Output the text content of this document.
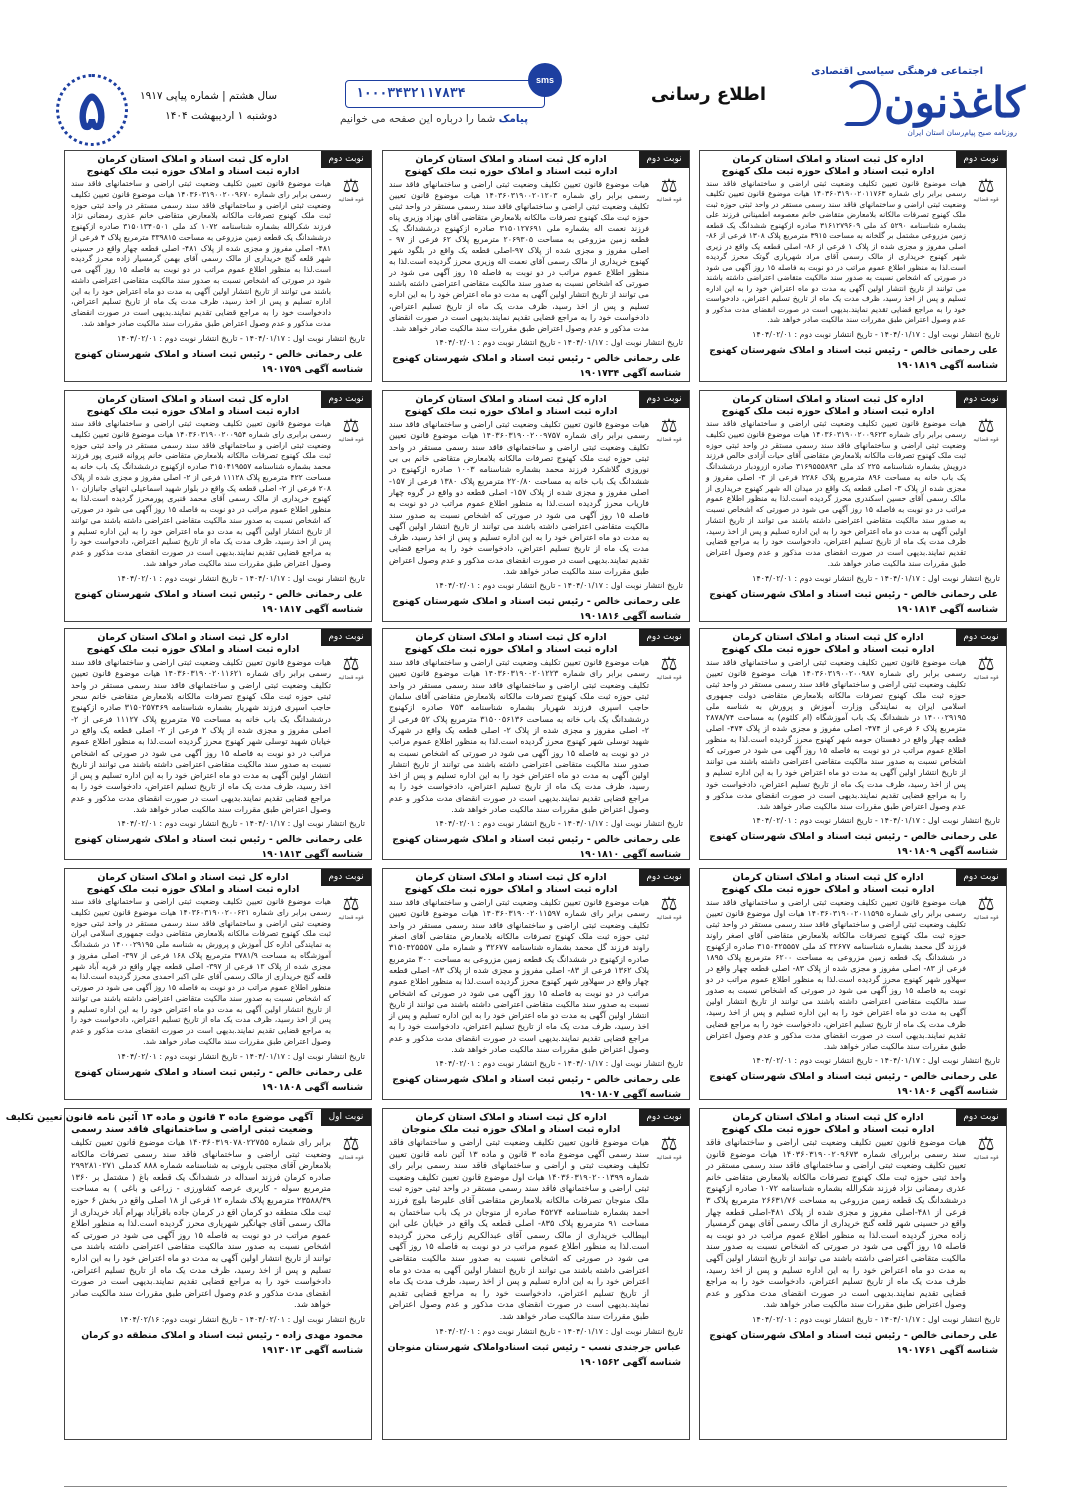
اجتماعی فرهنگی سیاسی اقتصادی
کاغذنون
روزنامه صبح پیام‌رسان استان ایران
اطلاع رسانی
۱۰۰۰۳۴۳۲۱۱۷۸۳۴
sms
پیامک شما را درباره این صفحه می خوانیم
سال هشتم | شماره پیاپی ۱۹۱۷
دوشنبه ۱ اردیبهشت ۱۴۰۴
۵
نوبت دوم
⚖
قوه قضائیه
اداره کل ثبت اسناد و املاک استان کرمان
اداره ثبت اسناد و املاک حوزه ثبت ملک کهنوج
هیات موضوع قانون تعیین تکلیف وضعیت ثبتی اراضی و ساختمانهای فاقد سند رسمی برابر رای شماره ۱۴۰۳۶۰۳۱۹۰۰۲۰۱۱۷۶۳ هیات موضوع قانون تعیین تکلیف وضعیت ثبتی اراضی و ساختمانهای فاقد سند رسمی مستقر در واحد ثبتی حوزه ثبت ملک کهنوج تصرفات مالکانه بلامعارض متقاضی خانم معصومه اطمینانی فرزند علی بشماره شناسنامه ۵۲۹۰ کد ملی ۳۱۶۱۲۷۹۶۰۹ صادره ازکهنوج ششدانگ یک قطعه زمین مزروعی مشتمل بر گلخانه به مساحت ۳۹۱۵ مترمربع پلاک ۱۳۰۸ فرعی از ۸۶- اصلی مفروز و مجزی شده از پلاک ۱ فرعی از ۸۶- اصلی قطعه یک واقع در زیری شهر کهنوج خریداری از مالک رسمی آقای مراد شهریاری گوتک محرز گردیده است.لذا به منظور اطلاع عموم مراتب در دو نوبت به فاصله ۱۵ روز آگهی می شود در صورتی که اشخاص نسبت به صدور سند مالکیت متقاضی اعتراضی داشته باشند می توانند از تاریخ انتشار اولین آگهی به مدت دو ماه اعتراض خود را به این اداره تسلیم و پس از اخذ رسید، ظرف مدت یک ماه از تاریخ تسلیم اعتراض، دادخواست خود را به مراجع قضایی تقدیم نمایند.بدیهی است در صورت انقضای مدت مذکور و عدم وصول اعتراض طبق مقررات سند مالکیت صادر خواهد شد.
تاریخ انتشار نوبت اول : ۱۴۰۴/۰۱/۱۷ - تاریخ انتشار نوبت دوم : ۱۴۰۴/۰۲/۰۱
علی رحمانی خالص - رئیس ثبت اسناد و املاک شهرستان کهنوج
شناسه آگهی ۱۹۰۱۸۱۹
نوبت دوم
⚖
قوه قضائیه
اداره کل ثبت اسناد و املاک استان کرمان
اداره ثبت اسناد و املاک حوزه ثبت ملک کهنوج
هیات موضوع قانون تعیین تکلیف وضعیت ثبتی اراضی و ساختمانهای فاقد سند رسمی برابر رای شماره ۱۴۰۳۶۰۳۱۹۰۰۲۰۱۲۰۳ هیات موضوع قانون تعیین تکلیف وضعیت ثبتی اراضی و ساختمانهای فاقد سند رسمی مستقر در واحد ثبتی حوزه ثبت ملک کهنوج تصرفات مالکانه بلامعارض متقاضی آقای بهزاد وزیری پناه فرزند نعمت اله بشماره ملی ۳۱۵۰۱۲۷۶۹۱ صادره ازکهنوج درششدانگ یک قطعه زمین مزروعی به مساحت ۲۰۶۹۳۰۵ مترمربع پلاک ۶۲ فرعی از ۹۷ - اصلی مفروز و مجزی شده از پلاک ۹۷-اصلی قطعه یک واقع در بلگود شهر کهنوج خریداری از مالک رسمی آقای نعمت اله وزیری محرز گردیده است.لذا به منظور اطلاع عموم مراتب در دو نوبت به فاصله ۱۵ روز آگهی می شود در صورتی که اشخاص نسبت به صدور سند مالکیت متقاضی اعتراضی داشته باشند می توانند از تاریخ انتشار اولین آگهی به مدت دو ماه اعتراض خود را به این اداره تسلیم و پس از اخذ رسید، ظرف مدت یک ماه از تاریخ تسلیم اعتراض، دادخواست خود را به مراجع قضایی تقدیم نمایند.بدیهی است در صورت انقضای مدت مذکور و عدم وصول اعتراض طبق مقررات سند مالکیت صادر خواهد شد.
تاریخ انتشار نوبت اول : ۱۴۰۴/۰۱/۱۷ - تاریخ انتشار نوبت دوم : ۱۴۰۴/۰۲/۰۱
علی رحمانی خالص - رئیس ثبت اسناد و املاک شهرستان کهنوج
شناسه آگهی ۱۹۰۱۷۳۴
نوبت دوم
⚖
قوه قضائیه
اداره کل ثبت اسناد و املاک استان کرمان
اداره ثبت اسناد و املاک حوزه ثبت ملک کهنوج
هیات موضوع قانون تعیین تکلیف وضعیت ثبتی اراضی و ساختمانهای فاقد سند رسمی برابر رای شماره ۱۴۰۳۶۰۳۱۹۰۰۲۰۰۹۶۷۰ هیات موضوع قانون تعیین تکلیف وضعیت ثبتی اراضی و ساختمانهای فاقد سند رسمی مستقر در واحد ثبتی حوزه ثبت ملک کهنوج تصرفات مالکانه بلامعارض متقاضی خانم عذری رمضانی نژاد فرزند شکرالله بشماره شناسنامه ۱۰۷۲ کد ملی ۳۱۵۰۱۳۴۰۵۰۱ صادره ازکهنوج درششدانگ یک قطعه زمین مزروعی به مساحت ۳۳۹۸۱۵ مترمربع پلاک ۴ فرعی از ۴۸۱- اصلی مفروز و مجزی شده از پلاک ۴۸۱- اصلی قطعه چهار واقع در حسینی شهر قلعه گنج خریداری از مالک رسمی آقای بهمن گرمسیار زاده محرز گردیده است.لذا به منظور اطلاع عموم مراتب در دو نوبت به فاصله ۱۵ روز آگهی می شود در صورتی که اشخاص نسبت به صدور سند مالکیت متقاضی اعتراضی داشته باشند می توانند از تاریخ انتشار اولین آگهی به مدت دو ماه اعتراض خود را به این اداره تسلیم و پس از اخذ رسید، ظرف مدت یک ماه از تاریخ تسلیم اعتراض، دادخواست خود را به مراجع قضایی تقدیم نمایند.بدیهی است در صورت انقضای مدت مذکور و عدم وصول اعتراض طبق مقررات سند مالکیت صادر خواهد شد.
تاریخ انتشار نوبت اول : ۱۴۰۴/۰۱/۱۷ - تاریخ انتشار نوبت دوم : ۱۴۰۴/۰۲/۰۱
علی رحمانی خالص - رئیس ثبت اسناد و املاک شهرستان کهنوج
شناسه آگهی ۱۹۰۱۷۵۹
نوبت دوم
⚖
قوه قضائیه
اداره کل ثبت اسناد و املاک استان کرمان
اداره ثبت اسناد و املاک حوزه ثبت ملک کهنوج
هیات موضوع قانون تعیین تکلیف وضعیت ثبتی اراضی و ساختمانهای فاقد سند رسمی برابر رای شماره ۱۴۰۳۶۰۳۱۹۰۰۲۰۰۹۶۲۳ هیات موضوع قانون تعیین تکلیف وضعیت ثبتی اراضی و ساختمانهای فاقد سند رسمی مستقر در واحد ثبتی حوزه ثبت ملک کهنوج تصرفات مالکانه بلامعارض متقاضی آقای حیات آزادی خالص فرزند درویش بشماره شناسنامه ۲۲۵ کد ملی ۳۱۶۹۵۵۵۸۹۳ صادره ازرودبار درششدانگ یک باب خانه به مساحت ۸۹۶ مترمربع پلاک ۲۲۸۶ فرعی از ۳- اصلی مفروز و مجزی شده از پلاک ۳- اصلی قطعه یک واقع در میدان اله شهر کهنوج خریداری از مالک رسمی آقای حسین اسکندری محرز گردیده است.لذا به منظور اطلاع عموم مراتب در دو نوبت به فاصله ۱۵ روز آگهی می شود در صورتی که اشخاص نسبت به صدور سند مالکیت متقاضی اعتراضی داشته باشند می توانند از تاریخ انتشار اولین آگهی به مدت دو ماه اعتراض خود را به این اداره تسلیم و پس از اخذ رسید، ظرف مدت یک ماه از تاریخ تسلیم اعتراض، دادخواست خود را به مراجع قضایی تقدیم نمایند.بدیهی است در صورت انقضای مدت مذکور و عدم وصول اعتراض طبق مقررات سند مالکیت صادر خواهد شد.
تاریخ انتشار نوبت اول : ۱۴۰۴/۰۱/۱۷ - تاریخ انتشار نوبت دوم : ۱۴۰۴/۰۲/۰۱
علی رحمانی خالص - رئیس ثبت اسناد و املاک شهرستان کهنوج
شناسه آگهی ۱۹۰۱۸۱۴
نوبت دوم
⚖
قوه قضائیه
اداره کل ثبت اسناد و املاک استان کرمان
اداره ثبت اسناد و املاک حوزه ثبت ملک کهنوج
هیات موضوع قانون تعیین تکلیف وضعیت ثبتی اراضی و ساختمانهای فاقد سند رسمی برابر رای شماره ۱۴۰۳۶۰۳۱۹۰۰۲۰۰۹۷۵۷ هیات موضوع قانون تعیین تکلیف وضعیت ثبتی اراضی و ساختمانهای فاقد سند رسمی مستقر در واحد ثبتی حوزه ثبت ملک کهنوج تصرفات مالکانه بلامعارض متقاضی خانم بی بی نوروزی گلاشکرد فرزند محمد بشماره شناسنامه ۱۰۰۳ صادره ازکهنوج در ششدانگ یک باب خانه به مساحت ۲۲۰/۸۰ مترمربع پلاک ۱۳۸۰ فرعی از ۱۵۷- اصلی مفروز و مجزی شده از پلاک ۱۵۷- اصلی قطعه دو واقع در گروه چهار فاریاب محرز گردیده است.لذا به منظور اطلاع عموم مراتب در دو نوبت به فاصله ۱۵ روز آگهی می شود در صورتی که اشخاص نسبت به صدور سند مالکیت متقاضی اعتراضی داشته باشند می توانند از تاریخ انتشار اولین آگهی به مدت دو ماه اعتراض خود را به این اداره تسلیم و پس از اخذ رسید، ظرف مدت یک ماه از تاریخ تسلیم اعتراض، دادخواست خود را به مراجع قضایی تقدیم نمایند.بدیهی است در صورت انقضای مدت مذکور و عدم وصول اعتراض طبق مقررات سند مالکیت صادر خواهد شد.
تاریخ انتشار نوبت اول : ۱۴۰۴/۰۱/۱۷ - تاریخ انتشار نوبت دوم : ۱۴۰۴/۰۲/۰۱
علی رحمانی خالص - رئیس ثبت اسناد و املاک شهرستان کهنوج
شناسه آگهی ۱۹۰۱۸۱۶
نوبت دوم
⚖
قوه قضائیه
اداره کل ثبت اسناد و املاک استان کرمان
اداره ثبت اسناد و املاک حوزه ثبت ملک کهنوج
هیات موضوع قانون تعیین تکلیف وضعیت ثبتی اراضی و ساختمانهای فاقد سند رسمی برابری رای شماره ۱۴۰۳۶۰۳۱۹۰۰۲۰۰۹۵۴ هیات موضوع قانون تعیین تکلیف وضعیت ثبتی اراضی و ساختمانهای فاقد سند رسمی مستقر در واحد ثبتی حوزه ثبت ملک کهنوج تصرفات مالکانه بلامعارض متقاضی خانم پروانه قنبری پور فرزند محمد بشماره شناسنامه ۳۱۵۰۴۱۹۵۵۷ صادره ازکهنوج درششدانگ یک باب خانه به مساحت ۴۲۲ مترمربع پلاک ۱۱۱۲۸ فرعی از ۲- اصلی مفروز و مجزی شده از پلاک ۲۰۸ فرعی از ۲- اصلی قطعه یک واقع در بلوار شهید اسماعیلی انتهای جانبازان ۱۰ کهنوج خریداری از مالک رسمی آقای محمد قنبری پورمحرز گردیده است.لذا به منظور اطلاع عموم مراتب در دو نوبت به فاصله ۱۵ روز آگهی می شود در صورتی که اشخاص نسبت به صدور سند مالکیت متقاضی اعتراضی داشته باشند می توانند از تاریخ انتشار اولین آگهی به مدت دو ماه اعتراض خود را به این اداره تسلیم و پس از اخذ رسید، ظرف مدت یک ماه از تاریخ تسلیم اعتراض، دادخواست خود را به مراجع قضایی تقدیم نمایند.بدیهی است در صورت انقضای مدت مذکور و عدم وصول اعتراض طبق مقررات سند مالکیت صادر خواهد شد.
تاریخ انتشار نوبت اول : ۱۴۰۴/۰۱/۱۷ - تاریخ انتشار نوبت دوم : ۱۴۰۴/۰۲/۰۱
علی رحمانی خالص - رئیس ثبت اسناد و املاک شهرستان کهنوج
شناسه آگهی ۱۹۰۱۸۱۷
نوبت دوم
⚖
قوه قضائیه
اداره کل ثبت اسناد و املاک استان کرمان
اداره ثبت اسناد و املاک حوزه ثبت ملک کهنوج
هیات موضوع قانون تعیین تکلیف وضعیت ثبتی اراضی و ساختمانهای فاقد سند رسمی برابر رای شماره ۱۴۰۳۶۰۳۱۹۰۰۲۰۰۹۸۷ هیات موضوع قانون تعیین تکلیف وضعیت ثبتی اراضی و ساختمانهای فاقد سند رسمی مستقر در واحد ثبتی حوزه ثبت ملک کهنوج تصرفات مالکانه بلامعارض متقاضی دولت جمهوری اسلامی ایران به نمایندگی وزارت آموزش و پرورش به شناسه ملی ۱۴۰۰۰۲۹۱۹۵ در ششدانگ یک باب آموزشگاه (ام کلثوم) به مساحت ۲۸۷۸/۷۴ مترمربع پلاک ۶ فرعی از ۴۷۴- اصلی مفروز و مجزی شده از پلاک ۴۷۴- اصلی قطعه چهار واقع در دهستان حومه شهر کهنوج محرز گردیده است.لذا به منظور اطلاع عموم مراتب در دو نوبت به فاصله ۱۵ روز آگهی می شود در صورتی که اشخاص نسبت به صدور سند مالکیت متقاضی اعتراضی داشته باشند می توانند از تاریخ انتشار اولین آگهی به مدت دو ماه اعتراض خود را به این اداره تسلیم و پس از اخذ رسید، ظرف مدت یک ماه از تاریخ تسلیم اعتراض، دادخواست خود را به مراجع قضایی تقدیم نمایند.بدیهی است در صورت انقضای مدت مذکور و عدم وصول اعتراض طبق مقررات سند مالکیت صادر خواهد شد.
تاریخ انتشار نوبت اول : ۱۴۰۴/۰۱/۱۷ - تاریخ انتشار نوبت دوم : ۱۴۰۴/۰۲/۰۱
علی رحمانی خالص - رئیس ثبت اسناد و املاک شهرستان کهنوج
شناسه آگهی ۱۹۰۱۸۰۹
نوبت دوم
⚖
قوه قضائیه
اداره کل ثبت اسناد و املاک استان کرمان
اداره ثبت اسناد و املاک حوزه ثبت ملک کهنوج
هیات موضوع قانون تعیین تکلیف وضعیت ثبتی اراضی و ساختمانهای فاقد سند رسمی برابر رای شماره ۱۴۰۳۶۰۳۱۹۰۰۲۰۱۲۲۳ هیات موضوع قانون تعیین تکلیف وضعیت ثبتی اراضی و ساختمانهای فاقد سند رسمی مستقر در واحد ثبتی حوزه ثبت ملک کهنوج تصرفات مالکانه بلامعارض متقاضی آقای سلمان حاجب اسپری فرزند شهریار بشماره شناسنامه ۷۵۳ صادره ازکهنوج درششدانگ یک باب خانه به مساحت ۳۱۵۰۰۵۶۱۳۶ مترمربع پلاک ۵۲ فرعی از ۲- اصلی مفروز و مجزی شده از پلاک ۲- اصلی قطعه یک واقع در شهرک شهید توسلی شهر کهنوج محرز گردیده است.لذا به منظور اطلاع عموم مراتب در دو نوبت به فاصله ۱۵ روز آگهی می شود در صورتی که اشخاص نسبت به صدور سند مالکیت متقاضی اعتراضی داشته باشند می توانند از تاریخ انتشار اولین آگهی به مدت دو ماه اعتراض خود را به این اداره تسلیم و پس از اخذ رسید، ظرف مدت یک ماه از تاریخ تسلیم اعتراض، دادخواست خود را به مراجع قضایی تقدیم نمایند.بدیهی است در صورت انقضای مدت مذکور و عدم وصول اعتراض طبق مقررات سند مالکیت صادر خواهد شد.
تاریخ انتشار نوبت اول : ۱۴۰۴/۰۱/۱۷ - تاریخ انتشار نوبت دوم : ۱۴۰۴/۰۲/۰۱
علی رحمانی خالص - رئیس ثبت اسناد و املاک شهرستان کهنوج
شناسه آگهی ۱۹۰۱۸۱۰
نوبت دوم
⚖
قوه قضائیه
اداره کل ثبت اسناد و املاک استان کرمان
اداره ثبت اسناد و املاک حوزه ثبت ملک کهنوج
هیات موضوع قانون تعیین تکلیف وضعیت ثبتی اراضی و ساختمانهای فاقد سند رسمی برابر رای شماره ۱۴۰۳۶۰۳۱۹۰۰۲۰۱۱۶۲۱ هیات موضوع قانون تعیین تکلیف وضعیت ثبتی اراضی و ساختمانهای فاقد سند رسمی مستقر در واحد ثبتی حوزه ثبت ملک کهنوج تصرفات مالکانه بلامعارض متقاضی خانم سحر حاجب اسپری فرزند شهریار بشماره شناسنامه ۳۱۵۰۲۵۷۴۶۹ صادره ازکهنوج درششدانگ یک باب خانه به مساحت ۷۵ مترمربع پلاک ۱۱۱۲۷ فرعی از ۲- اصلی مفروز و مجزی شده از پلاک ۲ فرعی از ۲- اصلی قطعه یک واقع در خیابان شهید توسلی شهر کهنوج محرز گردیده است.لذا به منظور اطلاع عموم مراتب در دو نوبت به فاصله ۱۵ روز آگهی می شود در صورتی که اشخاص نسبت به صدور سند مالکیت متقاضی اعتراضی داشته باشند می توانند از تاریخ انتشار اولین آگهی به مدت دو ماه اعتراض خود را به این اداره تسلیم و پس از اخذ رسید، ظرف مدت یک ماه از تاریخ تسلیم اعتراض، دادخواست خود را به مراجع قضایی تقدیم نمایند.بدیهی است در صورت انقضای مدت مذکور و عدم وصول اعتراض طبق مقررات سند مالکیت صادر خواهد شد.
تاریخ انتشار نوبت اول : ۱۴۰۴/۰۱/۱۷ - تاریخ انتشار نوبت دوم : ۱۴۰۴/۰۲/۰۱
علی رحمانی خالص - رئیس ثبت اسناد و املاک شهرستان کهنوج
شناسه آگهی ۱۹۰۱۸۱۳
نوبت دوم
⚖
قوه قضائیه
اداره کل ثبت اسناد و املاک استان کرمان
اداره ثبت اسناد و املاک حوزه ثبت ملک کهنوج
هیات موضوع قانون تعیین تکلیف وضعیت ثبتی اراضی و ساختمانهای فاقد سند رسمی برابر رای شماره ۱۴۰۳۶۰۳۱۹۰۰۲۰۱۱۵۹۵ هیات اول موضوع قانون تعیین تکلیف وضعیت ثبتی اراضی و ساختمانهای فاقد سند رسمی مستقر در واحد ثبتی حوزه ثبت ملک کهنوج تصرفات مالکانه بلامعارض متقاضی آقای اصغر راوند فرزند گل محمد بشماره شناسنامه ۳۲۶۷۷ کد ملی ۳۱۵۰۴۲۵۵۵۷ صادره ازکهنوج در ششدانگ یک قطعه زمین مزروعی به مساحت ۶۲۰۰ مترمربع پلاک ۱۸۹۵ فرعی از ۸۳- اصلی مفروز و مجزی شده از پلاک ۸۳- اصلی قطعه چهار واقع در سهلاور شهر کهنوج محرز گردیده است.لذا به منظور اطلاع عموم مراتب در دو نوبت به فاصله ۱۵ روز آگهی می شود در صورتی که اشخاص نسبت به صدور سند مالکیت متقاضی اعتراضی داشته باشند می توانند از تاریخ انتشار اولین آگهی به مدت دو ماه اعتراض خود را به این اداره تسلیم و پس از اخذ رسید، ظرف مدت یک ماه از تاریخ تسلیم اعتراض، دادخواست خود را به مراجع قضایی تقدیم نمایند.بدیهی است در صورت انقضای مدت مذکور و عدم وصول اعتراض طبق مقررات سند مالکیت صادر خواهد شد.
تاریخ انتشار نوبت اول : ۱۴۰۴/۰۱/۱۷ - تاریخ انتشار نوبت دوم : ۱۴۰۴/۰۲/۰۱
علی رحمانی خالص - رئیس ثبت اسناد و املاک شهرستان کهنوج
شناسه آگهی ۱۹۰۱۸۰۶
نوبت دوم
⚖
قوه قضائیه
اداره کل ثبت اسناد و املاک استان کرمان
اداره ثبت اسناد و املاک حوزه ثبت ملک کهنوج
هیات موضوع قانون تعیین تکلیف وضعیت ثبتی اراضی و ساختمانهای فاقد سند رسمی برابر رای شماره ۱۴۰۳۶۰۳۱۹۰۰۲۰۱۱۵۹۷ هیات موضوع قانون تعیین تکلیف وضعیت ثبتی اراضی و ساختمانهای فاقد سند رسمی مستقر در واحد ثبتی حوزه ثبت ملک کهنوج تصرفات مالکانه بلامعارض متقاضی آقای اصغر راوند فرزند گل محمد بشماره شناسنامه ۳۲۶۷۷ و شماره ملی ۳۱۵۰۴۲۵۵۵۷ صادره ازکهنوج در ششدانگ یک قطعه زمین مزروعی به مساحت ۳۰۰ مترمربع پلاک ۱۳۶۲ فرعی از ۸۳- اصلی مفروز و مجزی شده از پلاک ۸۳- اصلی قطعه چهار واقع در سهلاور شهر کهنوج محرز گردیده است.لذا به منظور اطلاع عموم مراتب در دو نوبت به فاصله ۱۵ روز آگهی می شود در صورتی که اشخاص نسبت به صدور سند مالکیت متقاضی اعتراضی داشته باشند می توانند از تاریخ انتشار اولین آگهی به مدت دو ماه اعتراض خود را به این اداره تسلیم و پس از اخذ رسید، ظرف مدت یک ماه از تاریخ تسلیم اعتراض، دادخواست خود را به مراجع قضایی تقدیم نمایند.بدیهی است در صورت انقضای مدت مذکور و عدم وصول اعتراض طبق مقررات سند مالکیت صادر خواهد شد.
تاریخ انتشار نوبت اول : ۱۴۰۴/۰۱/۱۷ - تاریخ انتشار نوبت دوم : ۱۴۰۴/۰۲/۰۱
علی رحمانی خالص - رئیس ثبت اسناد و املاک شهرستان کهنوج
شناسه آگهی ۱۹۰۱۸۰۷
نوبت دوم
⚖
قوه قضائیه
اداره کل ثبت اسناد و املاک استان کرمان
اداره ثبت اسناد و املاک حوزه ثبت ملک کهنوج
هیات موضوع قانون تعیین تکلیف وضعیت ثبتی اراضی و ساختمانهای فاقد سند رسمی برابر رای شماره ۱۴۰۳۶۰۳۱۹۰۰۲۰۰۶۲۱ هیات موضوع قانون تعیین تکلیف وضعیت ثبتی اراضی و ساختمانهای فاقد سند رسمی مستقر در واحد ثبتی حوزه ثبت ملک کهنوج تصرفات مالکانه بلامعارض متقاضی دولت جمهوری اسلامی ایران به نمایندگی اداره کل آموزش و پرورش به شناسه ملی ۱۴۰۰۰۲۹۱۹۵ در ششدانگ آموزشگاه به مساحت ۳۷۸۱/۹ مترمربع پلاک ۱۶۸ فرعی از ۳۹۷- اصلی مفروز و مجزی شده از پلاک ۱۳ فرعی از ۳۹۷- اصلی قطعه چهار واقع در قریه آباد شهر قلعه گنج خریداری از مالک رسمی آقای علی اکبر احمدی محرز گردیده است.لذا به منظور اطلاع عموم مراتب در دو نوبت به فاصله ۱۵ روز آگهی می شود در صورتی که اشخاص نسبت به صدور سند مالکیت متقاضی اعتراضی داشته باشند می توانند از تاریخ انتشار اولین آگهی به مدت دو ماه اعتراض خود را به این اداره تسلیم و پس از اخذ رسید، ظرف مدت یک ماه از تاریخ تسلیم اعتراض، دادخواست خود را به مراجع قضایی تقدیم نمایند.بدیهی است در صورت انقضای مدت مذکور و عدم وصول اعتراض طبق مقررات سند مالکیت صادر خواهد شد.
تاریخ انتشار نوبت اول : ۱۴۰۴/۰۱/۱۷ - تاریخ انتشار نوبت دوم : ۱۴۰۴/۰۲/۰۱
علی رحمانی خالص - رئیس ثبت اسناد و املاک شهرستان کهنوج
شناسه آگهی ۱۹۰۱۸۰۸
نوبت دوم
⚖
قوه قضائیه
اداره کل ثبت اسناد و املاک استان کرمان
اداره ثبت اسناد و املاک حوزه ثبت ملک کهنوج
هیات موضوع قانون تعیین تکلیف وضعیت ثبتی اراضی و ساختمانهای فاقد سند رسمی برابررای شماره ۱۴۰۳۶۰۳۱۹۰۰۲۰۹۶۷۳ هیات موضوع قانون تعیین تکلیف وضعیت ثبتی اراضی و ساختمانهای فاقد سند رسمی مستقر در واحد ثبتی حوزه ثبت ملک کهنوج تصرفات مالکانه بلامعارض متقاضی خانم عذری رمضانی نژاد فرزند شکرالله بشماره شناسنامه ۱۰۷۲ صادره ازکهنوج درششدانگ یک قطعه زمین مزروعی به مساحت ۲۶۶۳۱/۷۶ مترمربع پلاک ۳ فرعی از ۴۸۱-اصلی مفروز و مجزی شده از پلاک ۴۸۱-اصلی قطعه چهار واقع در حسینی شهر قلعه گنج خریداری از مالک رسمی آقای بهمن گرمسیار زاده محرز گردیده است.لذا به منظور اطلاع عموم مراتب در دو نوبت به فاصله ۱۵ روز آگهی می شود در صورتی که اشخاص نسبت به صدور سند مالکیت متقاضی اعتراضی داشته باشند می توانند از تاریخ انتشار اولین آگهی به مدت دو ماه اعتراض خود را به این اداره تسلیم و پس از اخذ رسید، ظرف مدت یک ماه از تاریخ تسلیم اعتراض، دادخواست خود را به مراجع قضایی تقدیم نمایند.بدیهی است در صورت انقضای مدت مذکور و عدم وصول اعتراض طبق مقررات سند مالکیت صادر خواهد شد.
تاریخ انتشار نوبت اول : ۱۴۰۴/۰۱/۱۷ - تاریخ انتشار نوبت دوم : ۱۴۰۴/۰۲/۰۱
علی رحمانی خالص - رئیس ثبت اسناد و املاک شهرستان کهنوج
شناسه آگهی ۱۹۰۱۷۶۱
نوبت دوم
⚖
قوه قضائیه
اداره کل ثبت اسناد و املاک استان کرمان
اداره ثبت اسناد و املاک حوزه ثبت ملک منوجان
هیات موضوع قانون تعیین تکلیف وضعیت ثبتی اراضی و ساختمانهای فاقد سند رسمی آگهی موضوع ماده ۳ قانون و ماده ۱۳ آئین نامه قانون تعیین تکلیف وضعیت ثبتی و اراضی و ساختمانهای فاقد سند رسمی برابر رای شماره ۱۴۰۳۶۰۳۱۹۰۲۰۰۱۳۹۹ هیات اول موضوع قانون تعیین تکلیف وضعیت ثبتی اراضی و ساختمانهای فاقد سند رسمی مستقر در واحد ثبتی حوزه ثبت ملک منوجان تصرفات مالکانه بلامعارض متقاضی آقای علیرضا بلوچ فرزند احمد بشماره شناسنامه ۴۵۲۷۴ صادره از منوجان در یک باب ساختمان به مساحت ۹۱ مترمربع پلاک ۸۳۵- اصلی قطعه یک واقع در خیابان علی ابن ابیطالب خریداری از مالک رسمی آقای عبدالکریم زارعی محرز گردیده است.لذا به منظور اطلاع عموم مراتب در دو نوبت به فاصله ۱۵ روز آگهی می شود در صورتی که اشخاص نسبت به صدور سند مالکیت متقاضی اعتراضی داشته باشند می توانند از تاریخ انتشار اولین آگهی به مدت دو ماه اعتراض خود را به این اداره تسلیم و پس از اخذ رسید، ظرف مدت یک ماه از تاریخ تسلیم اعتراض، دادخواست خود را به مراجع قضایی تقدیم نمایند.بدیهی است در صورت انقضای مدت مذکور و عدم وصول اعتراض طبق مقررات سند مالکیت صادر خواهد شد.
تاریخ انتشار نوبت اول : ۱۴۰۴/۰۱/۱۷ - تاریخ انتشار نوبت دوم : ۱۴۰۴/۰۲/۰۱
عباس جرجندی نسب - رئیس ثبت اسنادواملاک شهرستان منوجان
شناسه آگهی ۱۹۰۱۵۶۲
نوبت اول
⚖
قوه قضائیه
آگهی موضوع ماده ۳ قانون و ماده ۱۳ آئین نامه قانون تعیین تکلیف
وضعیت ثبتی اراضی و ساختمانهای فاقد سند رسمی
برابر رای شماره ۱۴۰۳۶۰۳۱۹۰۷۸۰۲۲۷۵۵ هیات موضوع قانون تعیین تکلیف وضعیت ثبتی اراضی و ساختمانهای فاقد سند رسمی تصرفات مالکانه بلامعارض آقای مجتبی بارونی به شناسنامه شماره ۸۸۸ کدملی ۲۹۹۲۸۱۰۲۷۱ صادره کرمان فرزند اسداله در ششدانگ یک قطعه باغ ( مشتمل بر ۱۳۶۰ مترمربع سوله - کاربری عرصه کشاورزی - زراعی و باغی ) به مساحت ۲۳۵۸۸/۳۹ مترمربع پلاک شماره ۱۲ فرعی از ۱۸ اصلی واقع در بخش ۶ حوزه ثبت ملک منطقه دو کرمان اقع در کرمان جاده باقرآباد بهرام آباد خریداری از مالک رسمی آقای جهانگیر شهریاری محرز گردیده است.لذا به منظور اطلاع عموم مراتب در دو نوبت به فاصله ۱۵ روز آگهی می شود در صورتی که اشخاص نسبت به صدور سند مالکیت متقاضی اعتراضی داشته باشند می توانند از تاریخ انتشار اولین آگهی به مدت دو ماه اعتراض خود را به این اداره تسلیم و پس از اخذ رسید، ظرف مدت یک ماه از تاریخ تسلیم اعتراض، دادخواست خود را به مراجع قضایی تقدیم نمایند.بدیهی است در صورت انقضای مدت مذکور و عدم وصول اعتراض طبق مقررات سند مالکیت صادر خواهد شد.
تاریخ انتشار نوبت اول : ۱۴۰۴/۰۲/۰۱ - تاریخ انتشار نوبت دوم: ۱۴۰۴/۰۲/۱۶
محمود مهدی زاده - رئیس ثبت اسناد و املاک منطقه دو کرمان
شناسه آگهی ۱۹۱۳۰۱۳
